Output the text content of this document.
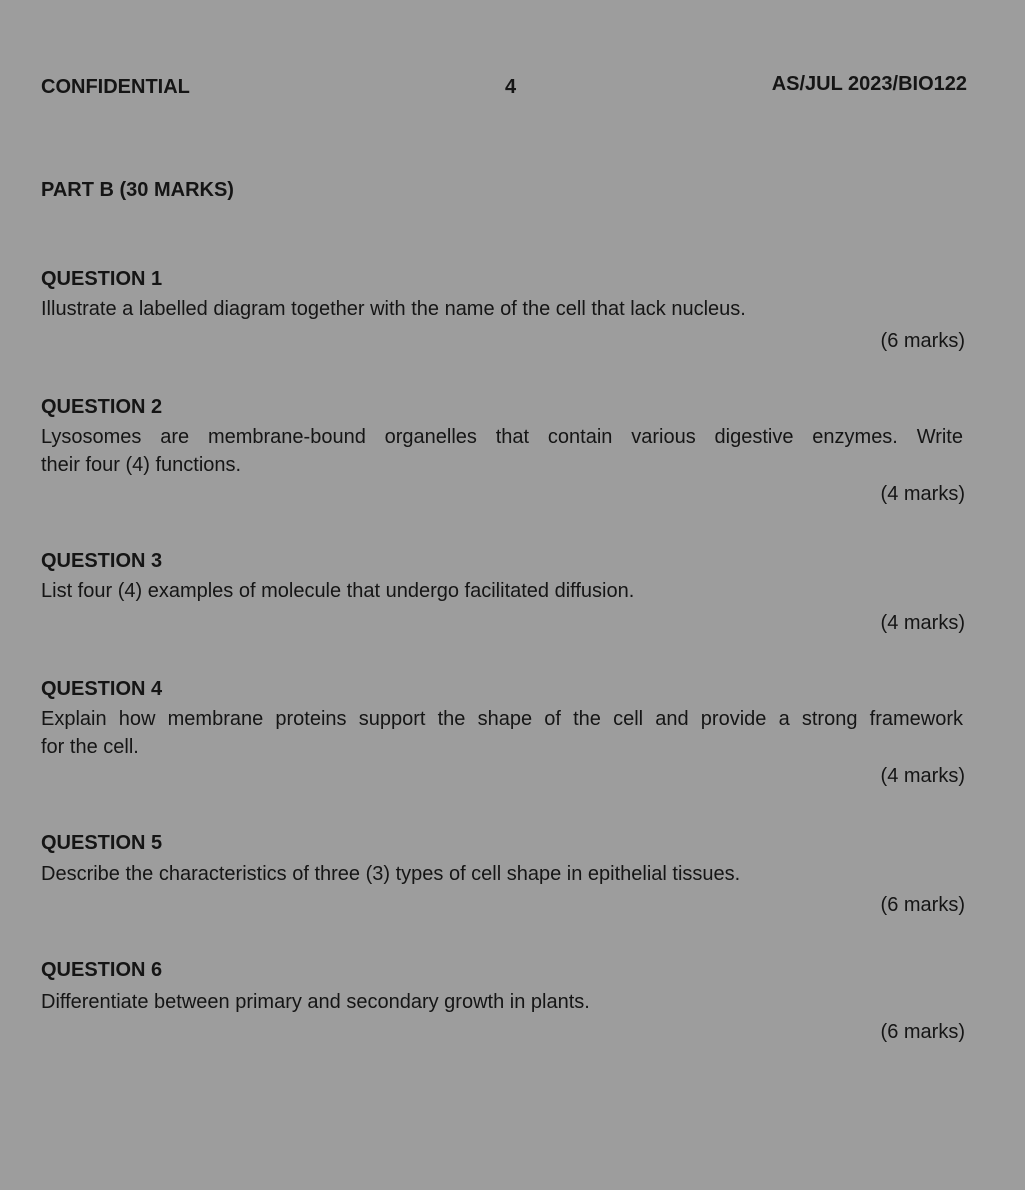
CONFIDENTIAL	4	AS/JUL 2023/BIO122
PART B (30 MARKS)
QUESTION 1
Illustrate a labelled diagram together with the name of the cell that lack nucleus.
(6 marks)
QUESTION 2
Lysosomes are membrane-bound organelles that contain various digestive enzymes. Write
their four (4) functions.
(4 marks)
QUESTION 3
List four (4) examples of molecule that undergo facilitated diffusion.
(4 marks)
QUESTION 4
Explain how membrane proteins support the shape of the cell and provide a strong framework
for the cell.
(4 marks)
QUESTION 5
Describe the characteristics of three (3) types of cell shape in epithelial tissues.
(6 marks)
QUESTION 6
Differentiate between primary and secondary growth in plants.
(6 marks)
